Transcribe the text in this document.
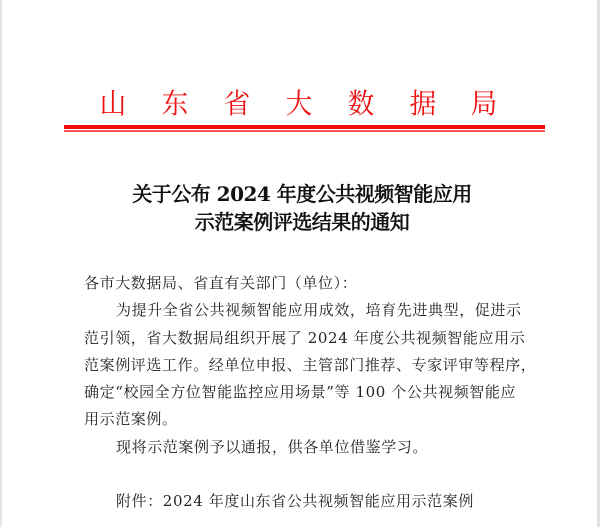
山 东 省 大 数 据 局
关于公布 2024 年度公共视频智能应用
示范案例评选结果的通知
各市大数据局、省直有关部门（单位）：
为提升全省公共视频智能应用成效，培育先进典型，促进示
范引领，省大数据局组织开展了 2024 年度公共视频智能应用示
范案例评选工作。经单位申报、主管部门推荐、专家评审等程序，
确定“校园全方位智能监控应用场景”等 100 个公共视频智能应
用示范案例。
现将示范案例予以通报，供各单位借鉴学习。
附件：2024 年度山东省公共视频智能应用示范案例
